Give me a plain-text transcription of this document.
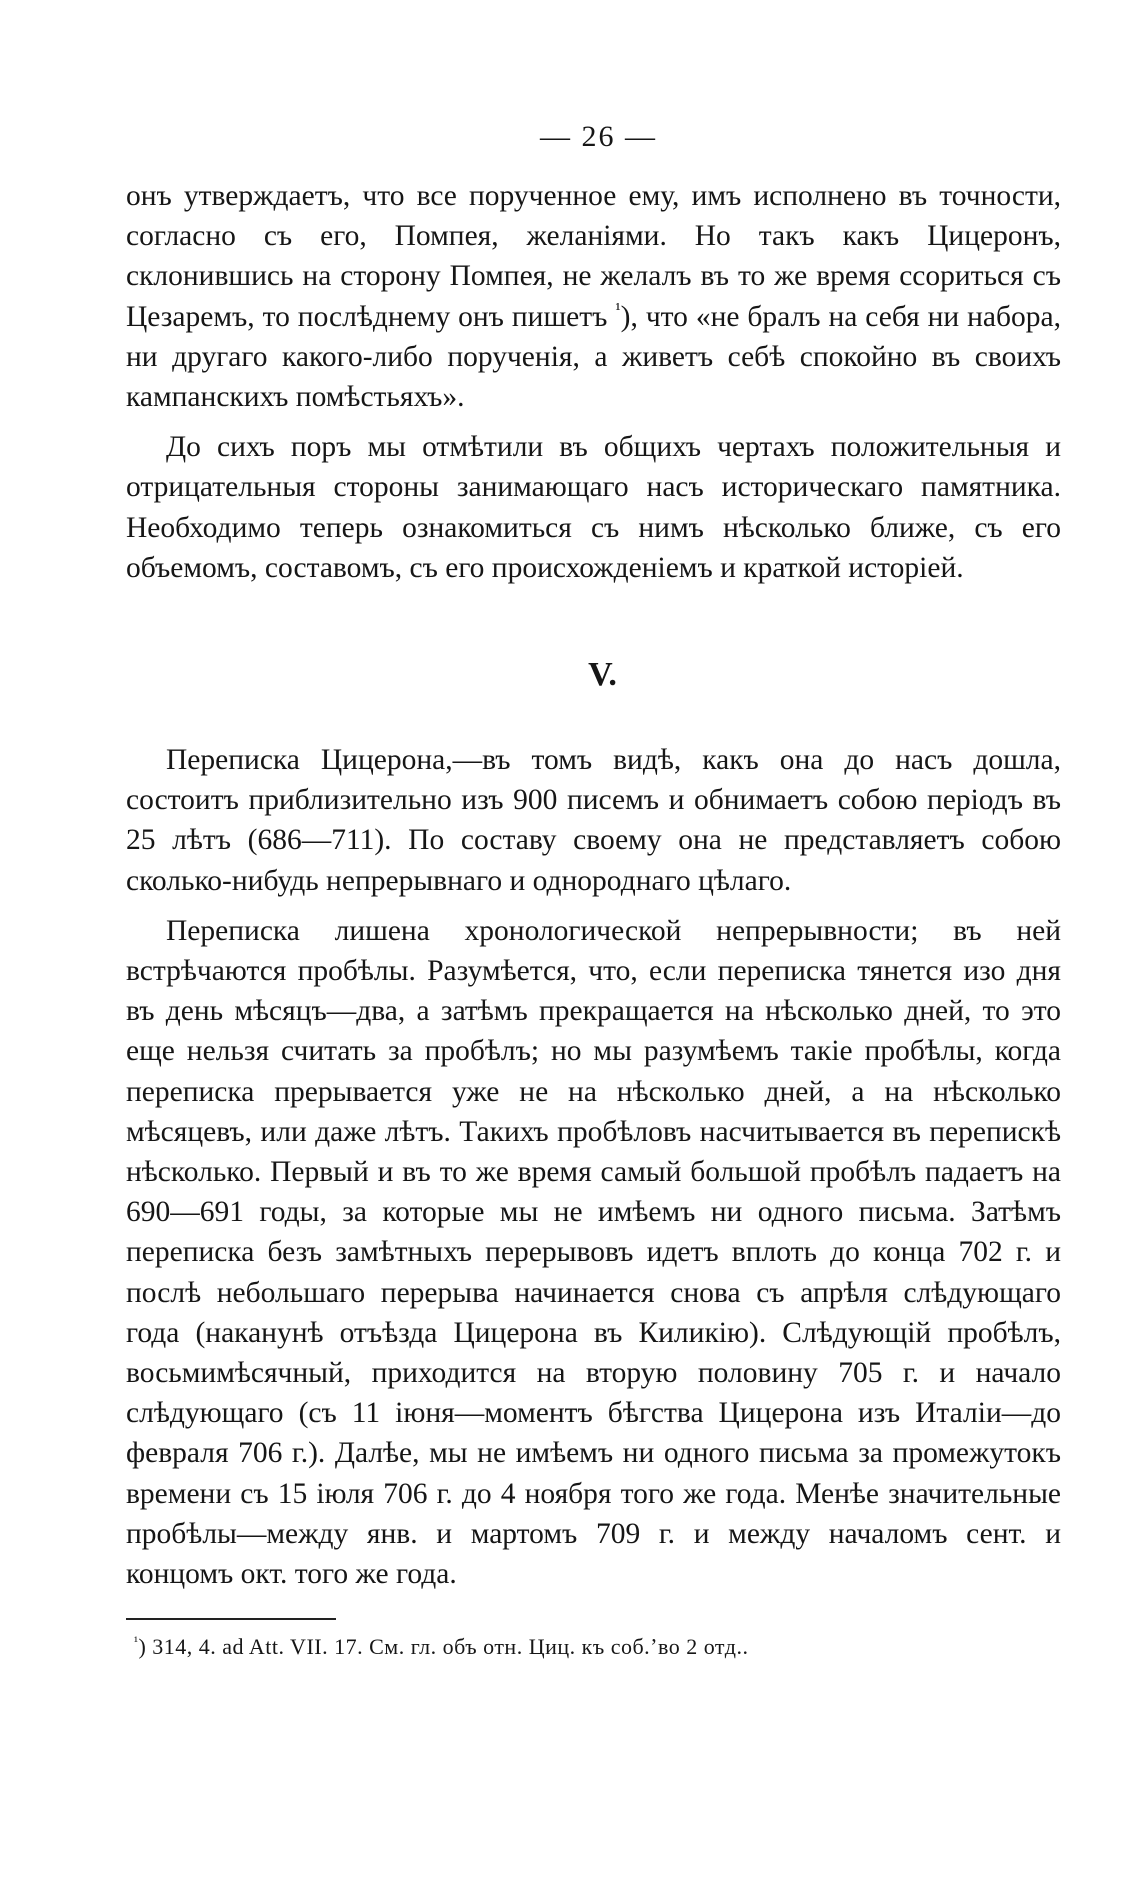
— 26 —

онъ утверждаетъ, что все порученное ему, имъ исполнено въ точности, согласно съ его, Помпея, желаніями. Но такъ какъ Цицеронъ, склонившись на сторону Помпея, не желалъ въ то же время ссориться съ Цезаремъ, то послѣднему онъ пишетъ $^{^1}$), что «не бралъ на себя ни набора, ни другаго какого-либо порученія, а живетъ себѣ спокойно въ своихъ кампанскихъ помѣстьяхъ».

До сихъ поръ мы отмѣтили въ общихъ чертахъ положительныя и отрицательныя стороны занимающаго насъ историческаго памятника. Необходимо теперь ознакомиться съ нимъ нѣсколько ближе, съ его объемомъ, составомъ, съ его происхожденіемъ и краткой исторіей.

V.

Переписка Цицерона,—въ томъ видѣ, какъ она до насъ дошла, состоитъ приблизительно изъ 900 писемъ и обнимаетъ собою періодъ въ 25 лѣтъ (686—711). По составу своему она не представляетъ собою сколько-нибудь непрерывнаго и однороднаго цѣлаго.

Переписка лишена хронологической непрерывности; въ ней встрѣчаются пробѣлы. Разумѣется, что, если переписка тянется изо дня въ день мѣсяцъ—два, а затѣмъ прекращается на нѣсколько дней, то это еще нельзя считать за пробѣлъ; но мы разумѣемъ такіе пробѣлы, когда переписка прерывается уже не на нѣсколько дней, а на нѣсколько мѣсяцевъ, или даже лѣтъ. Такихъ пробѣловъ насчитывается въ перепискѣ нѣсколько. Первый и въ то же время самый большой пробѣлъ падаетъ на 690—691 годы, за которые мы не имѣемъ ни одного письма. Затѣмъ переписка безъ замѣтныхъ перерывовъ идетъ вплоть до конца 702 г. и послѣ небольшаго перерыва начинается снова съ апрѣля слѣдующаго года (наканунѣ отъѣзда Цицерона въ Киликію). Слѣдующій пробѣлъ, восьмимѣсячный, приходится на вторую половину 705 г. и начало слѣдующаго (съ 11 іюня—моментъ бѣгства Цицерона изъ Италіи—до февраля 706 г.). Далѣе, мы не имѣемъ ни одного письма за промежутокъ времени съ 15 іюля 706 г. до 4 ноября того же года. Менѣе значительные пробѣлы—между янв. и мартомъ 709 г. и между началомъ сент. и концомъ окт. того же года.

$^{^1}$) 314, 4. ad Att. VII. 17. См. гл. объ отн. Циц. къ соб.ʼво 2 отд..
